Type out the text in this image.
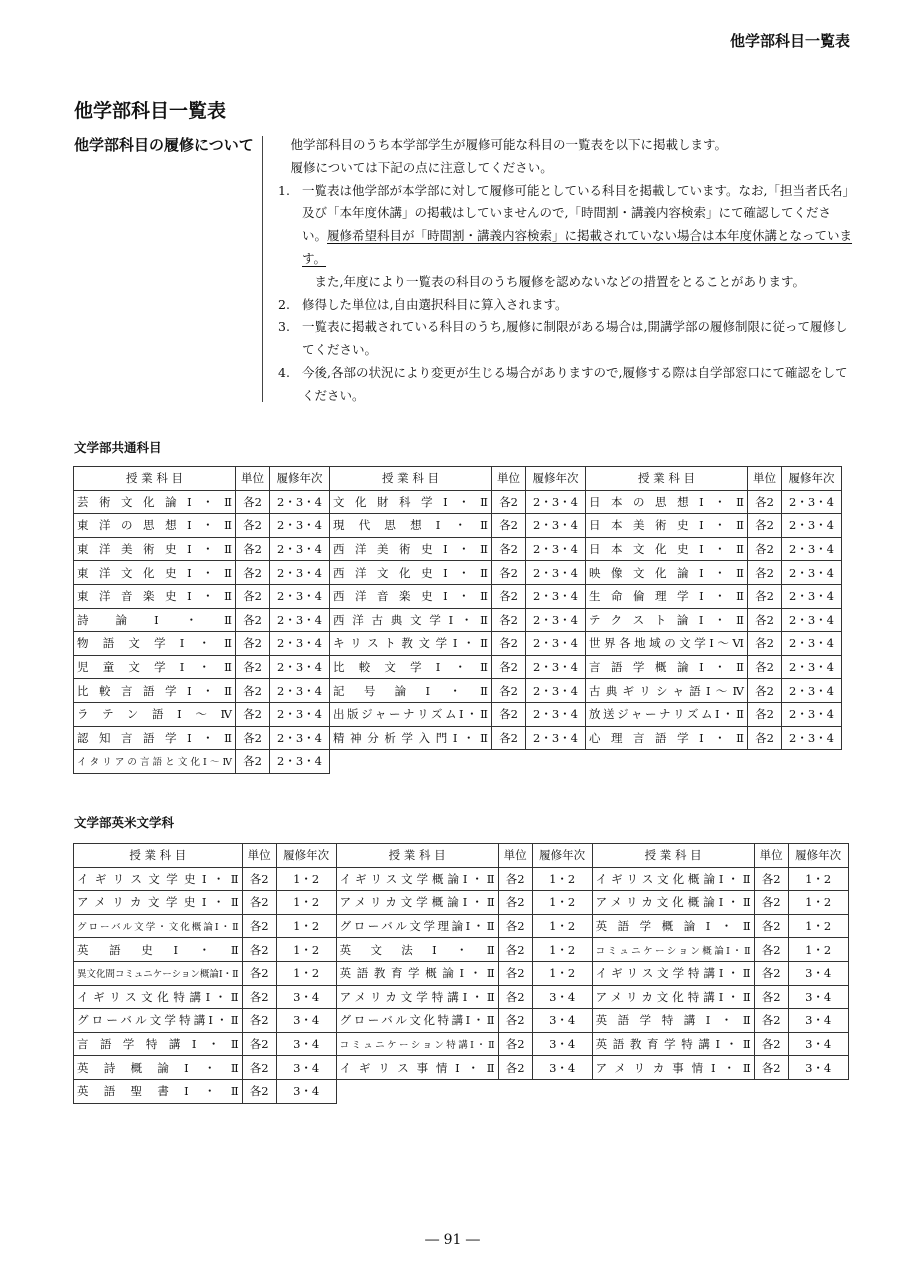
他学部科目一覧表
他学部科目一覧表
他学部科目の履修について	他学部科目のうち本学部学生が履修可能な科目の一覧表を以下に掲載します。

履修については下記の点に注意してください。

1. 一覧表は他学部が本学部に対して履修可能としている科目を掲載しています。なお,「担当者氏名」及び「本年度休講」の掲載はしていませんので,「時間割・講義内容検索」にて確認してください。履修希望科目が「時間割・講義内容検索」に掲載されていない場合は本年度休講となっています。
また,年度により一覧表の科目のうち履修を認めないなどの措置をとることがあります。
2. 修得した単位は,自由選択科目に算入されます。
3. 一覧表に掲載されている科目のうち,履修に制限がある場合は,開講学部の履修制限に従って履修してください。
4. 今後,各部の状況により変更が生じる場合がありますので,履修する際は自学部窓口にて確認をしてください。
文学部共通科目
授 業 科 目	単位	履修年次	授 業 科 目	単位	履修年次	授 業 科 目	単位	履修年次
芸術文化論Ⅰ・Ⅱ	各2	2・3・4	文化財科学Ⅰ・Ⅱ	各2	2・3・4	日本の思想Ⅰ・Ⅱ	各2	2・3・4
東洋の思想Ⅰ・Ⅱ	各2	2・3・4	現代思想Ⅰ・Ⅱ	各2	2・3・4	日本美術史Ⅰ・Ⅱ	各2	2・3・4
東洋美術史Ⅰ・Ⅱ	各2	2・3・4	西洋美術史Ⅰ・Ⅱ	各2	2・3・4	日本文化史Ⅰ・Ⅱ	各2	2・3・4
東洋文化史Ⅰ・Ⅱ	各2	2・3・4	西洋文化史Ⅰ・Ⅱ	各2	2・3・4	映像文化論Ⅰ・Ⅱ	各2	2・3・4
東洋音楽史Ⅰ・Ⅱ	各2	2・3・4	西洋音楽史Ⅰ・Ⅱ	各2	2・3・4	生命倫理学Ⅰ・Ⅱ	各2	2・3・4
詩論Ⅰ・Ⅱ	各2	2・3・4	西洋古典文学Ⅰ・Ⅱ	各2	2・3・4	テクスト論Ⅰ・Ⅱ	各2	2・3・4
物語文学Ⅰ・Ⅱ	各2	2・3・4	キリスト教文学Ⅰ・Ⅱ	各2	2・3・4	世界各地域の文学Ⅰ～Ⅵ	各2	2・3・4
児童文学Ⅰ・Ⅱ	各2	2・3・4	比較文学Ⅰ・Ⅱ	各2	2・3・4	言語学概論Ⅰ・Ⅱ	各2	2・3・4
比較言語学Ⅰ・Ⅱ	各2	2・3・4	記号論Ⅰ・Ⅱ	各2	2・3・4	古典ギリシャ語Ⅰ～Ⅳ	各2	2・3・4
ラテン語Ⅰ～Ⅳ	各2	2・3・4	出版ジャーナリズムⅠ・Ⅱ	各2	2・3・4	放送ジャーナリズムⅠ・Ⅱ	各2	2・3・4
認知言語学Ⅰ・Ⅱ	各2	2・3・4	精神分析学入門Ⅰ・Ⅱ	各2	2・3・4	心理言語学Ⅰ・Ⅱ	各2	2・3・4
イタリアの言語と文化Ⅰ～Ⅳ	各2	2・3・4						
文学部英米文学科
授 業 科 目	単位	履修年次	授 業 科 目	単位	履修年次	授 業 科 目	単位	履修年次
イギリス文学史Ⅰ・Ⅱ	各2	1・2	イギリス文学概論Ⅰ・Ⅱ	各2	1・2	イギリス文化概論Ⅰ・Ⅱ	各2	1・2
アメリカ文学史Ⅰ・Ⅱ	各2	1・2	アメリカ文学概論Ⅰ・Ⅱ	各2	1・2	アメリカ文化概論Ⅰ・Ⅱ	各2	1・2
グローバル文学・文化概論Ⅰ・Ⅱ	各2	1・2	グローバル文学理論Ⅰ・Ⅱ	各2	1・2	英語学概論Ⅰ・Ⅱ	各2	1・2
英語史Ⅰ・Ⅱ	各2	1・2	英文法Ⅰ・Ⅱ	各2	1・2	コミュニケーション概論Ⅰ・Ⅱ	各2	1・2
異文化間コミュニケーション概論Ⅰ・Ⅱ	各2	1・2	英語教育学概論Ⅰ・Ⅱ	各2	1・2	イギリス文学特講Ⅰ・Ⅱ	各2	3・4
イギリス文化特講Ⅰ・Ⅱ	各2	3・4	アメリカ文学特講Ⅰ・Ⅱ	各2	3・4	アメリカ文化特講Ⅰ・Ⅱ	各2	3・4
グローバル文学特講Ⅰ・Ⅱ	各2	3・4	グローバル文化特講Ⅰ・Ⅱ	各2	3・4	英語学特講Ⅰ・Ⅱ	各2	3・4
言語学特講Ⅰ・Ⅱ	各2	3・4	コミュニケーション特講Ⅰ・Ⅱ	各2	3・4	英語教育学特講Ⅰ・Ⅱ	各2	3・4
英詩概論Ⅰ・Ⅱ	各2	3・4	イギリス事情Ⅰ・Ⅱ	各2	3・4	アメリカ事情Ⅰ・Ⅱ	各2	3・4
英語聖書Ⅰ・Ⅱ	各2	3・4						
― 91 ―
